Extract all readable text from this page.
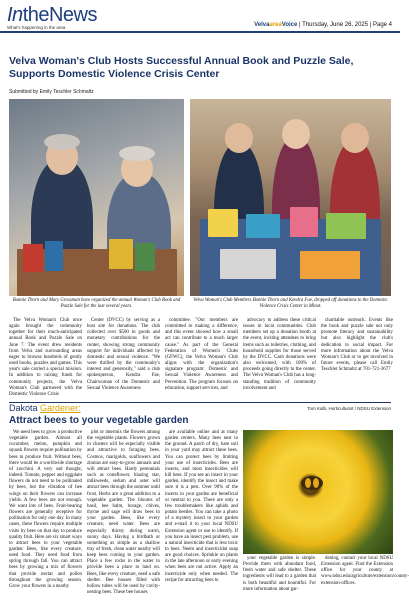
IntheNews
What's happening in the area	VelvaareaVoice | Thursday, June 26, 2025 | Page 4
Velva Woman's Club Hosts Successful Annual Book and Puzzle Sale, Supports Domestic Violence Crisis Center
Submitted by Emily Teschler Schmaltz
Bonnie Thorn and Mary Grossman have organized the annual Woman's Club Book and Puzzle Sale for the last several years.
Velva Woman's Club Members Bonnie Thorn and Kendra Fae, dropped off donations to the Domestic Violence Crisis Center in Minot.

The Velva Woman's Club once again brought the community together for their much-anticipated annual Book and Puzzle Sale on June 7. The event drew residents from Velva and surrounding areas eager to browse hundreds of gently used books, puzzles and games. This year's sale carried a special mission. In addition to raising funds for community projects, the Velva Woman's Club partnered with the Domestic Violence Crisis

Center (DVCC) by serving as a host site for donations. The club collected over $500 in goods and monetary contributions for the center, showing strong community support for individuals affected by domestic and sexual violence. "We were thrilled by the community's interest and generosity," said a club spokesperson, Kendra Fae, Chairwoman of the Domestic and Sexual Violence Awareness

committee. "Our members are committed to making a difference, and this event showed how a small act can contribute to a much larger cause." As part of the General Federation of Women's Clubs (GFWC), the Velva Woman's Club aligns with the organization's signature program: Domestic and Sexual Violence Awareness and Prevention. The program focuses on education, support services, and

advocacy to address these critical issues in local communities. Club members set up a donation booth at the event, inviting attendees to bring items such as toiletries, clothing, and household supplies for those served by the DVCC. Cash donations were also welcomed, with 100% of proceeds going directly to the center. The Velva Woman's Club has a long-standing tradition of community involvement and

charitable outreach. Events like the book and puzzle sale not only promote literacy and sustainability but also highlight the club's dedication to social impact. For more information about the Velva Woman's Club or to get involved in future events, please call Emily Teschler Schmaltz at 701-721-3677

Dakota Gardener:	Tom Kalb, Horticulturist / NDSU Extension
Attract bees to your vegetable garden

We need bees to grow a productive vegetable garden. Almost all cucumber, melon, pumpkin and squash flowers require pollination by bees to produce fruit. Without bees, there would be a worldwide shortage of zucchini. A very sad thought, indeed. Tomato, pepper and eggplant flowers do not need to be pollinated by bees, but the vibration of bee wings on their flowers can increase yields. A few bees are not enough. We want lots of bees. Fruit-bearing flowers are generally receptive for pollination for only one day. In many cases, these flowers require multiple visits by bees on that day to produce quality fruit. Here are six smart ways to attract bees to your vegetable garden: Bees, like every creature, need food. They need food from spring through fall. You can attract bees by growing a mix of flowers that provide nectar and pollen throughout the growing season. Grow your flowers in a nearby

plot or intermix the flowers among the vegetable plants. Flowers grown in clusters will be especially visible and attractive to foraging bees. Cosmos, marigolds, sunflowers and zinnias are easy-to-grow annuals and will attract bees. Hardy perennials such as coneflower, blazing star, milkweeds, sedum and aster will attract bees through the summer until frost. Herbs are a great addition to a vegetable garden. The blooms of basil, bee balm, borage, chives, thyme and sage will draw bees to your garden. Bees, like every creature, need water. Bees are especially thirsty during warm, sunny days. Having a birdbath or something as simple as a shallow tray of fresh, clean water nearby will keep bees coming to your garden. Place a few rocks in the water to provide bees a place to land on. Bees, like every creature, need a safe shelter. Bee houses filled with hollow tubes will be used by cavity-nesting bees. These bee houses

are available online and at many garden centers. Many bees nest in the ground. A patch of dry, bare soil in your yard may attract these bees. You can protect bees by limiting your use of insecticides. Bees are insects, and most insecticides will kill bees. If you see an insect in your garden, identify the insect and make sure it is a pest. Over 90% of the insects in your garden are beneficial or neutral to you. There are only a few troublemakers like aphids and potato beetles. You can take a photo of a mystery insect to your garden and e-mail it to your local NDSU Extension agent or use to identify. If you have an insect pest problem, use a natural insecticide that is less toxic to bees. Neem and insecticidal soap are good choices. Sprinkle on plants in the late afternoon or early evening when bees are not active. Apply an insecticide only when needed. The recipe for attracting bees to

your vegetable garden is simple. Provide them with abundant food, fresh water and safe shelter. These ingredients will lead to a garden that is both beautiful and bountiful. For more information about gar-

dening, contact your local NDSU Extension agent. Find the Extension office for your county at www.ndsu.edu/agriculture/extension/county-extension-offices.
